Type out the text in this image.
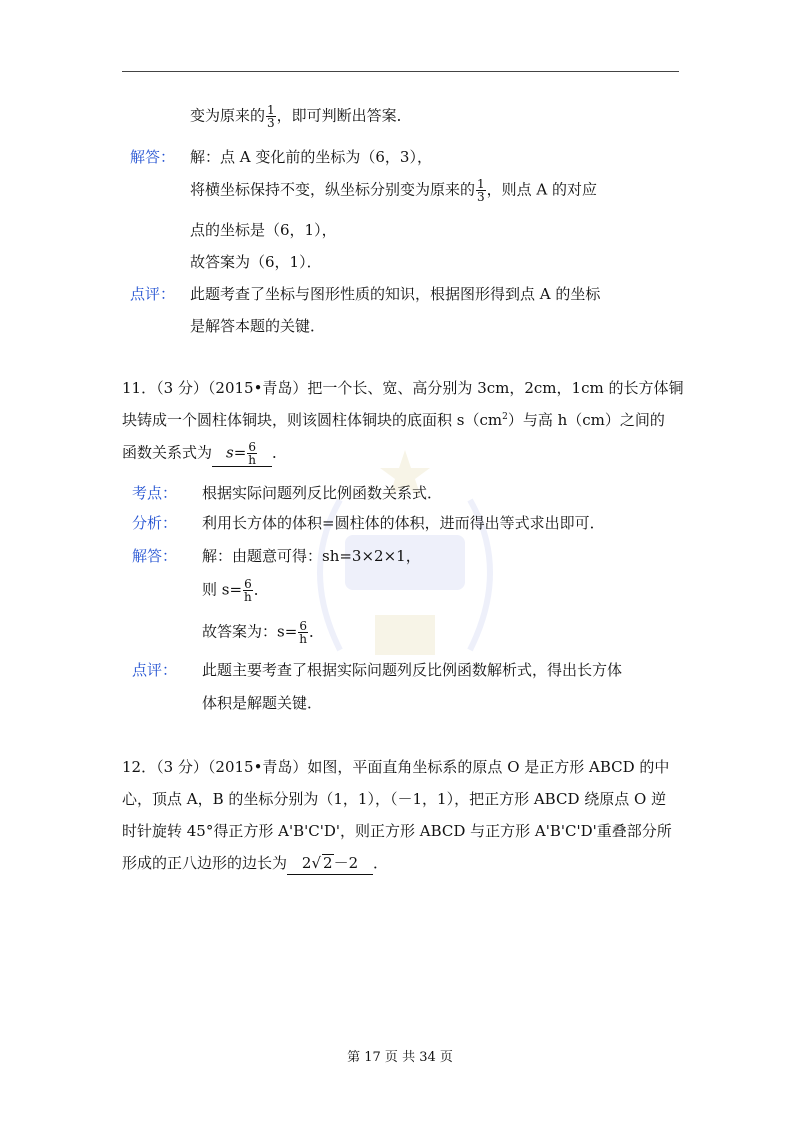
变为原来的 $\frac{1}{3}$ ，即可判断出答案．
解答： 解：点 A 变化前的坐标为（6，3），
将横坐标保持不变，纵坐标分别变为原来的 $\frac{1}{3}$ ，则点 A 的对应
点的坐标是（6，1），
故答案为（6，1）．
点评： 此题考查了坐标与图形性质的知识，根据图形得到点 A 的坐标
是解答本题的关键．
11．（3 分）（2015•青岛）把一个长、宽、高分别为 3cm，2cm，1cm 的长方体铜
块铸成一个圆柱体铜块，则该圆柱体铜块的底面积 $s(cm^2)$与高 h（cm）之间的
函数关系式为 $s= \frac{6}{h}$ ．
考点： 根据实际问题列反比例函数关系式．
分析： 利用长方体的体积=圆柱体的体积，进而得出等式求出即可．
解答： 解：由题意可得：sh=3×2×1，
则 $s= \frac{6}{h}$ ．
故答案为：$s= \frac{6}{h}$ ．
点评： 此题主要考查了根据实际问题列反比例函数解析式，得出长方体
体积是解题关键．
12．（3 分）（2015•青岛）如图，平面直角坐标系的原点 O 是正方形 ABCD 的中
心，顶点 A，B 的坐标分别为（1，1），（－1，1），把正方形 ABCD 绕原点 O 逆
时针旋转 45°得正方形 A'B'C'D'，则正方形 ABCD 与正方形 A'B'C'D'重叠部分所
形成的正八边形的边长为 2√ 2－2 ．
第 17 页 共 34 页
